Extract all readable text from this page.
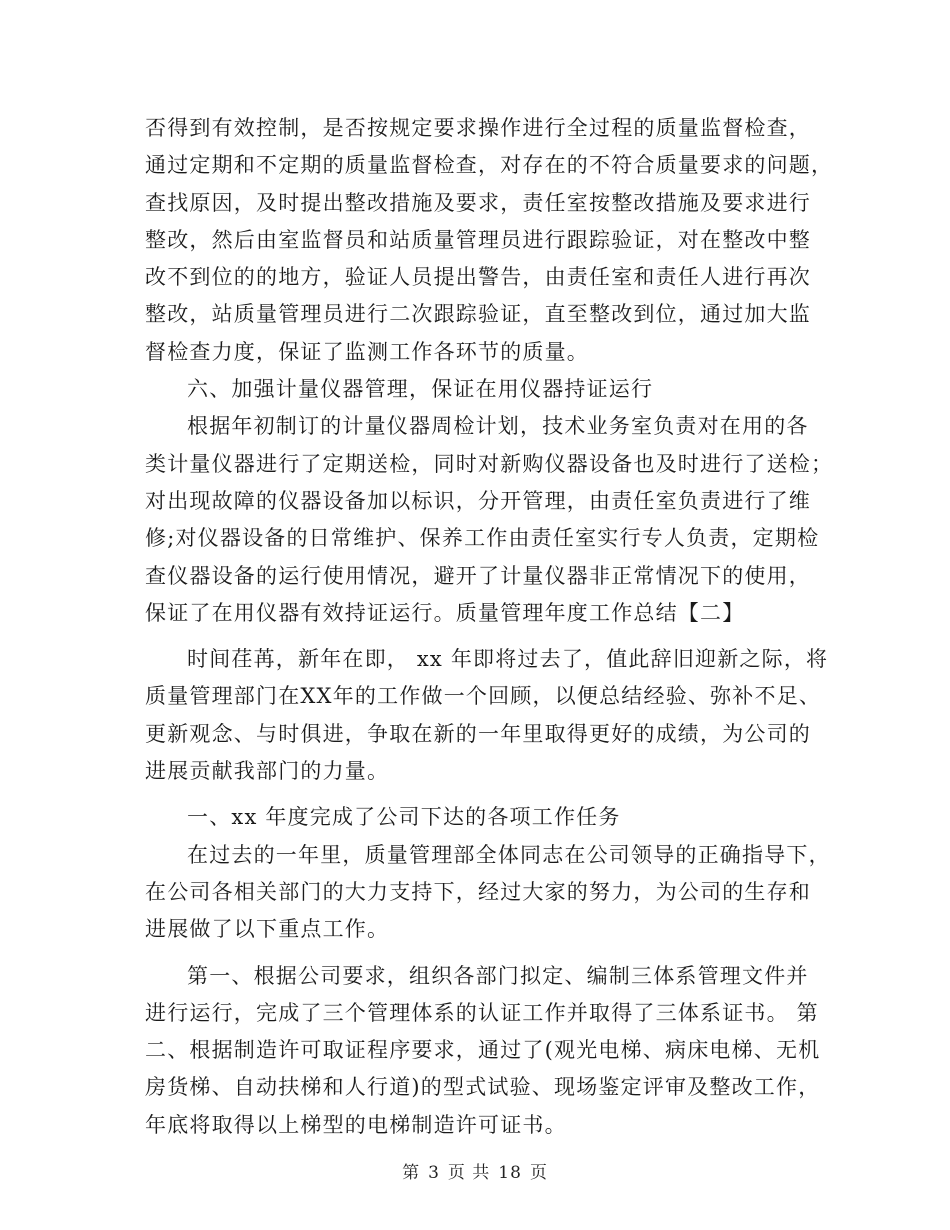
否得到有效控制，是否按规定要求操作进行全过程的质量监督检查，
通过定期和不定期的质量监督检查，对存在的不符合质量要求的问题，
查找原因，及时提出整改措施及要求，责任室按整改措施及要求进行
整改，然后由室监督员和站质量管理员进行跟踪验证，对在整改中整
改不到位的的地方，验证人员提出警告，由责任室和责任人进行再次
整改，站质量管理员进行二次跟踪验证，直至整改到位，通过加大监
督检查力度，保证了监测工作各环节的质量。
六、加强计量仪器管理，保证在用仪器持证运行
根据年初制订的计量仪器周检计划，技术业务室负责对在用的各
类计量仪器进行了定期送检，同时对新购仪器设备也及时进行了送检；
对出现故障的仪器设备加以标识，分开管理，由责任室负责进行了维
修;对仪器设备的日常维护、保养工作由责任室实行专人负责，定期检
查仪器设备的运行使用情况，避开了计量仪器非正常情况下的使用，
保证了在用仪器有效持证运行。质量管理年度工作总结【二】
时间荏苒，新年在即， xx 年即将过去了，值此辞旧迎新之际，将
质量管理部门在XX年的工作做一个回顾，以便总结经验、弥补不足、
更新观念、与时俱进，争取在新的一年里取得更好的成绩，为公司的
进展贡献我部门的力量。
一、xx 年度完成了公司下达的各项工作任务
在过去的一年里，质量管理部全体同志在公司领导的正确指导下，
在公司各相关部门的大力支持下，经过大家的努力，为公司的生存和
进展做了以下重点工作。
第一、根据公司要求，组织各部门拟定、编制三体系管理文件并
进行运行，完成了三个管理体系的认证工作并取得了三体系证书。 第
二、根据制造许可取证程序要求，通过了(观光电梯、病床电梯、无机
房货梯、自动扶梯和人行道)的型式试验、现场鉴定评审及整改工作，
年底将取得以上梯型的电梯制造许可证书。
第 3 页 共 18 页
